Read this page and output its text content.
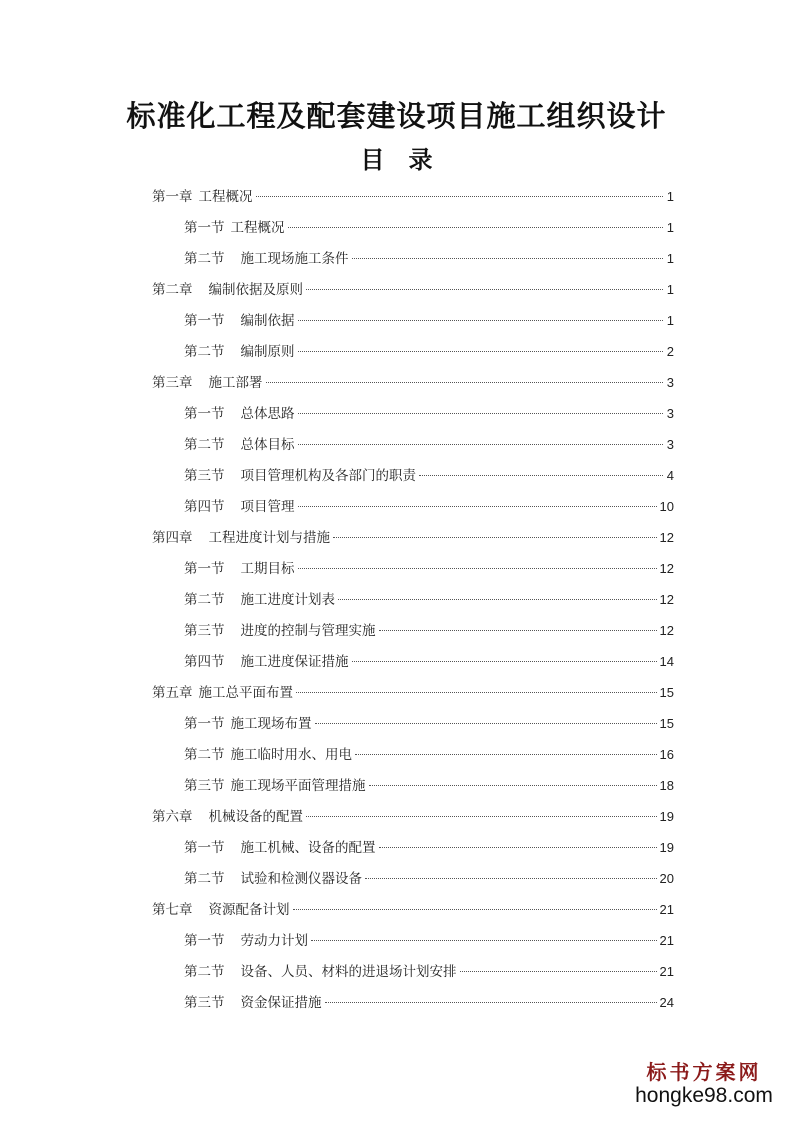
标准化工程及配套建设项目施工组织设计
目　录
第一章 工程概况	1
第一节 工程概况	1
第二节 施工现场施工条件	1
第二章 编制依据及原则	1
第一节 编制依据	1
第二节 编制原则	2
第三章 施工部署	3
第一节 总体思路	3
第二节 总体目标	3
第三节 项目管理机构及各部门的职责	4
第四节 项目管理	10
第四章 工程进度计划与措施	12
第一节 工期目标	12
第二节 施工进度计划表	12
第三节 进度的控制与管理实施	12
第四节 施工进度保证措施	14
第五章 施工总平面布置	15
第一节 施工现场布置	15
第二节 施工临时用水、用电	16
第三节 施工现场平面管理措施	18
第六章 机械设备的配置	19
第一节 施工机械、设备的配置	19
第二节 试验和检测仪器设备	20
第七章 资源配备计划	21
第一节 劳动力计划	21
第二节 设备、人员、材料的进退场计划安排	21
第三节 资金保证措施	24
标书方案网
hongke98.com
